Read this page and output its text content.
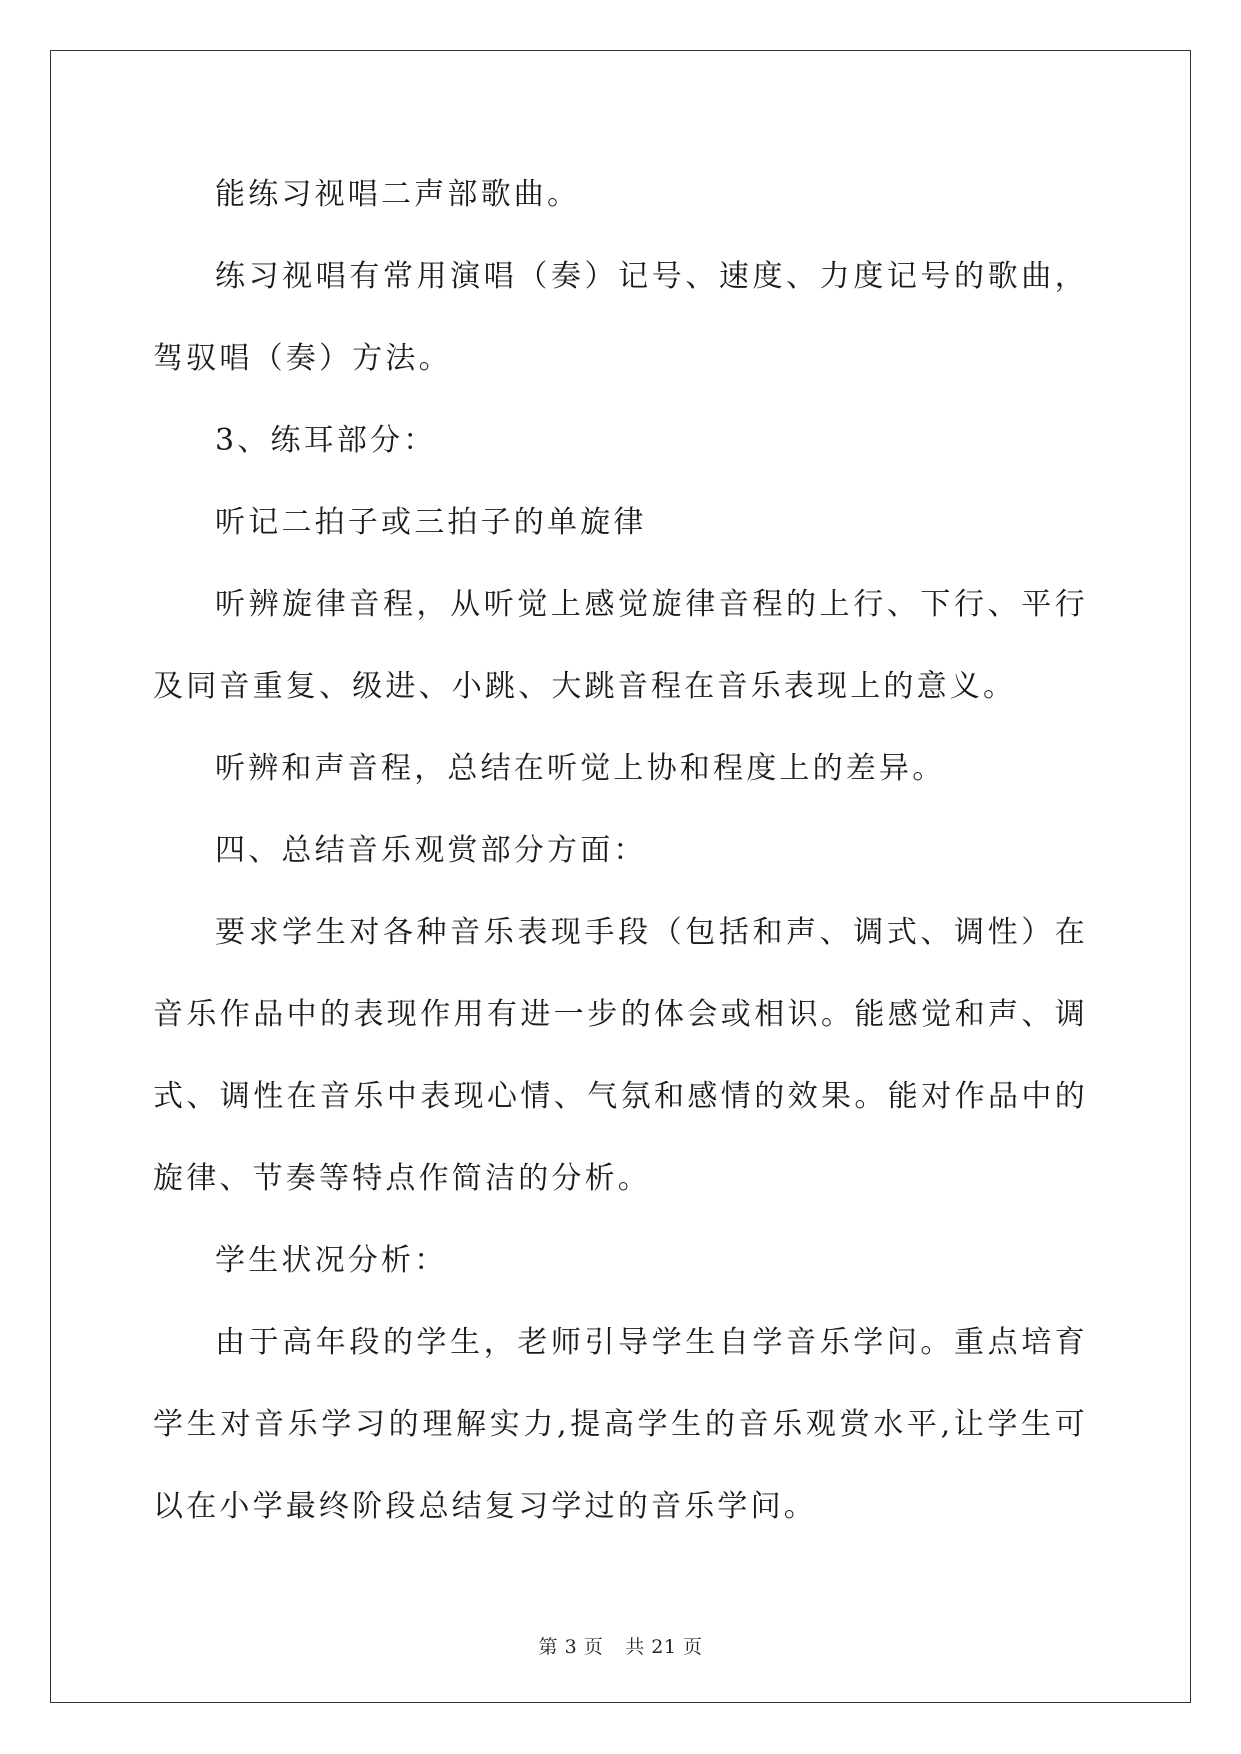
能练习视唱二声部歌曲。

练习视唱有常用演唱（奏）记号、速度、力度记号的歌曲，驾驭唱（奏）方法。

3、练耳部分：

听记二拍子或三拍子的单旋律

听辨旋律音程，从听觉上感觉旋律音程的上行、下行、平行及同音重复、级进、小跳、大跳音程在音乐表现上的意义。

听辨和声音程，总结在听觉上协和程度上的差异。

四、总结音乐观赏部分方面：

要求学生对各种音乐表现手段（包括和声、调式、调性）在音乐作品中的表现作用有进一步的体会或相识。能感觉和声、调式、调性在音乐中表现心情、气氛和感情的效果。能对作品中的旋律、节奏等特点作简洁的分析。

学生状况分析：

由于高年段的学生，老师引导学生自学音乐学问。重点培育学生对音乐学习的理解实力,提高学生的音乐观赏水平,让学生可以在小学最终阶段总结复习学过的音乐学问。

第 3 页 共 21 页
